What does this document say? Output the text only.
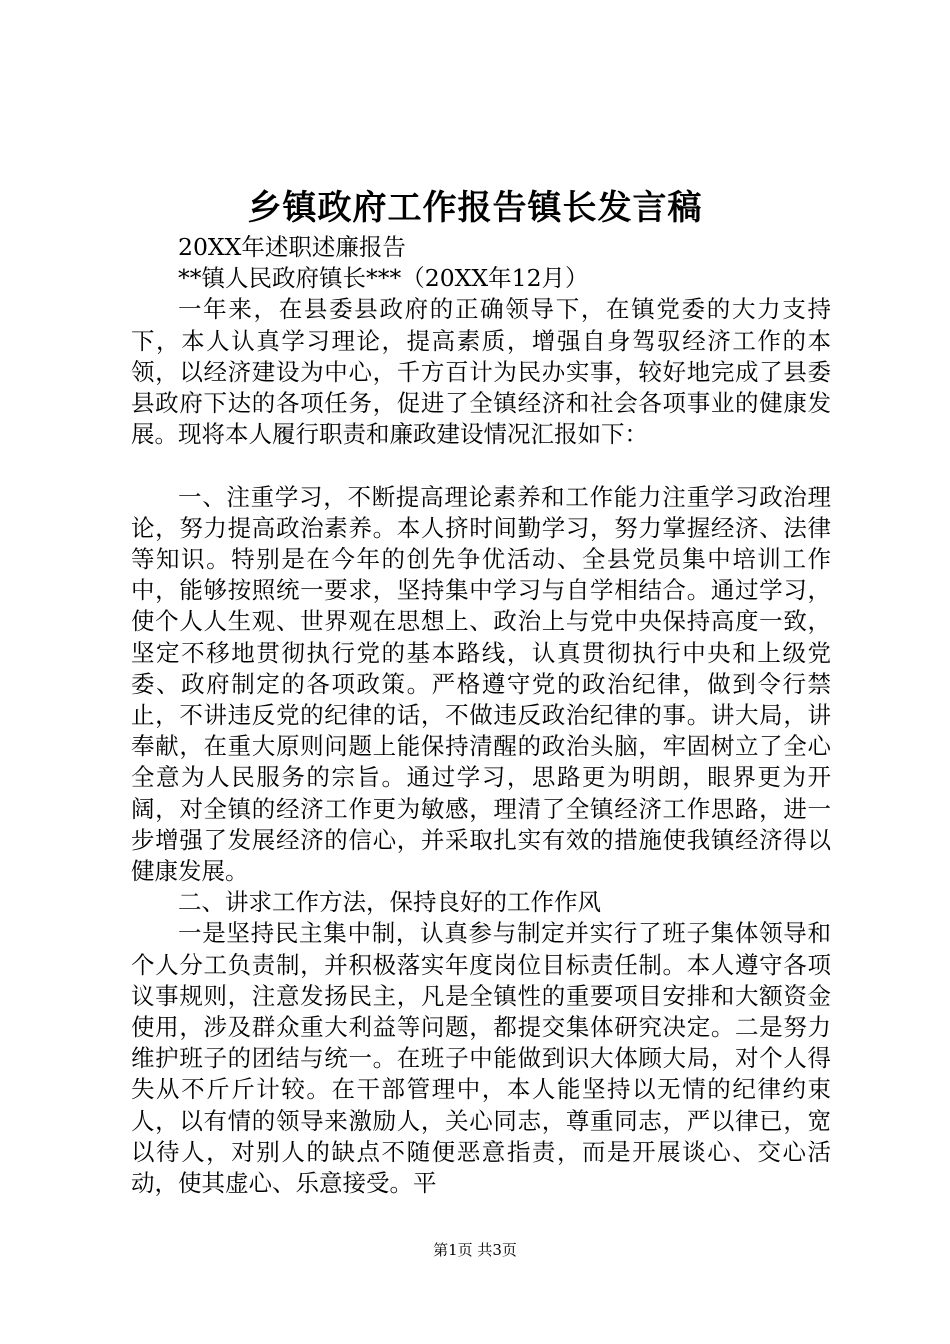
乡镇政府工作报告镇长发言稿

20XX年述职述廉报告

**镇人民政府镇长***（20XX年12月）

一年来，在县委县政府的正确领导下，在镇党委的大力支持下，本人认真学习理论，提高素质，增强自身驾驭经济工作的本领，以经济建设为中心，千方百计为民办实事，较好地完成了县委县政府下达的各项任务，促进了全镇经济和社会各项事业的健康发展。现将本人履行职责和廉政建设情况汇报如下：

一、注重学习，不断提高理论素养和工作能力注重学习政治理论，努力提高政治素养。本人挤时间勤学习，努力掌握经济、法律等知识。特别是在今年的创先争优活动、全县党员集中培训工作中，能够按照统一要求，坚持集中学习与自学相结合。通过学习，使个人人生观、世界观在思想上、政治上与党中央保持高度一致，坚定不移地贯彻执行党的基本路线，认真贯彻执行中央和上级党委、政府制定的各项政策。严格遵守党的政治纪律，做到令行禁止，不讲违反党的纪律的话，不做违反政治纪律的事。讲大局，讲奉献，在重大原则问题上能保持清醒的政治头脑，牢固树立了全心全意为人民服务的宗旨。通过学习，思路更为明朗，眼界更为开阔，对全镇的经济工作更为敏感，理清了全镇经济工作思路，进一步增强了发展经济的信心，并采取扎实有效的措施使我镇经济得以健康发展。

二、讲求工作方法，保持良好的工作作风

一是坚持民主集中制，认真参与制定并实行了班子集体领导和个人分工负责制，并积极落实年度岗位目标责任制。本人遵守各项议事规则，注意发扬民主，凡是全镇性的重要项目安排和大额资金使用，涉及群众重大利益等问题，都提交集体研究决定。二是努力维护班子的团结与统一。在班子中能做到识大体顾大局，对个人得失从不斤斤计较。在干部管理中，本人能坚持以无情的纪律约束人，以有情的领导来激励人，关心同志，尊重同志，严以律已，宽以待人，对别人的缺点不随便恶意指责，而是开展谈心、交心活动，使其虚心、乐意接受。平

第1页 共3页
